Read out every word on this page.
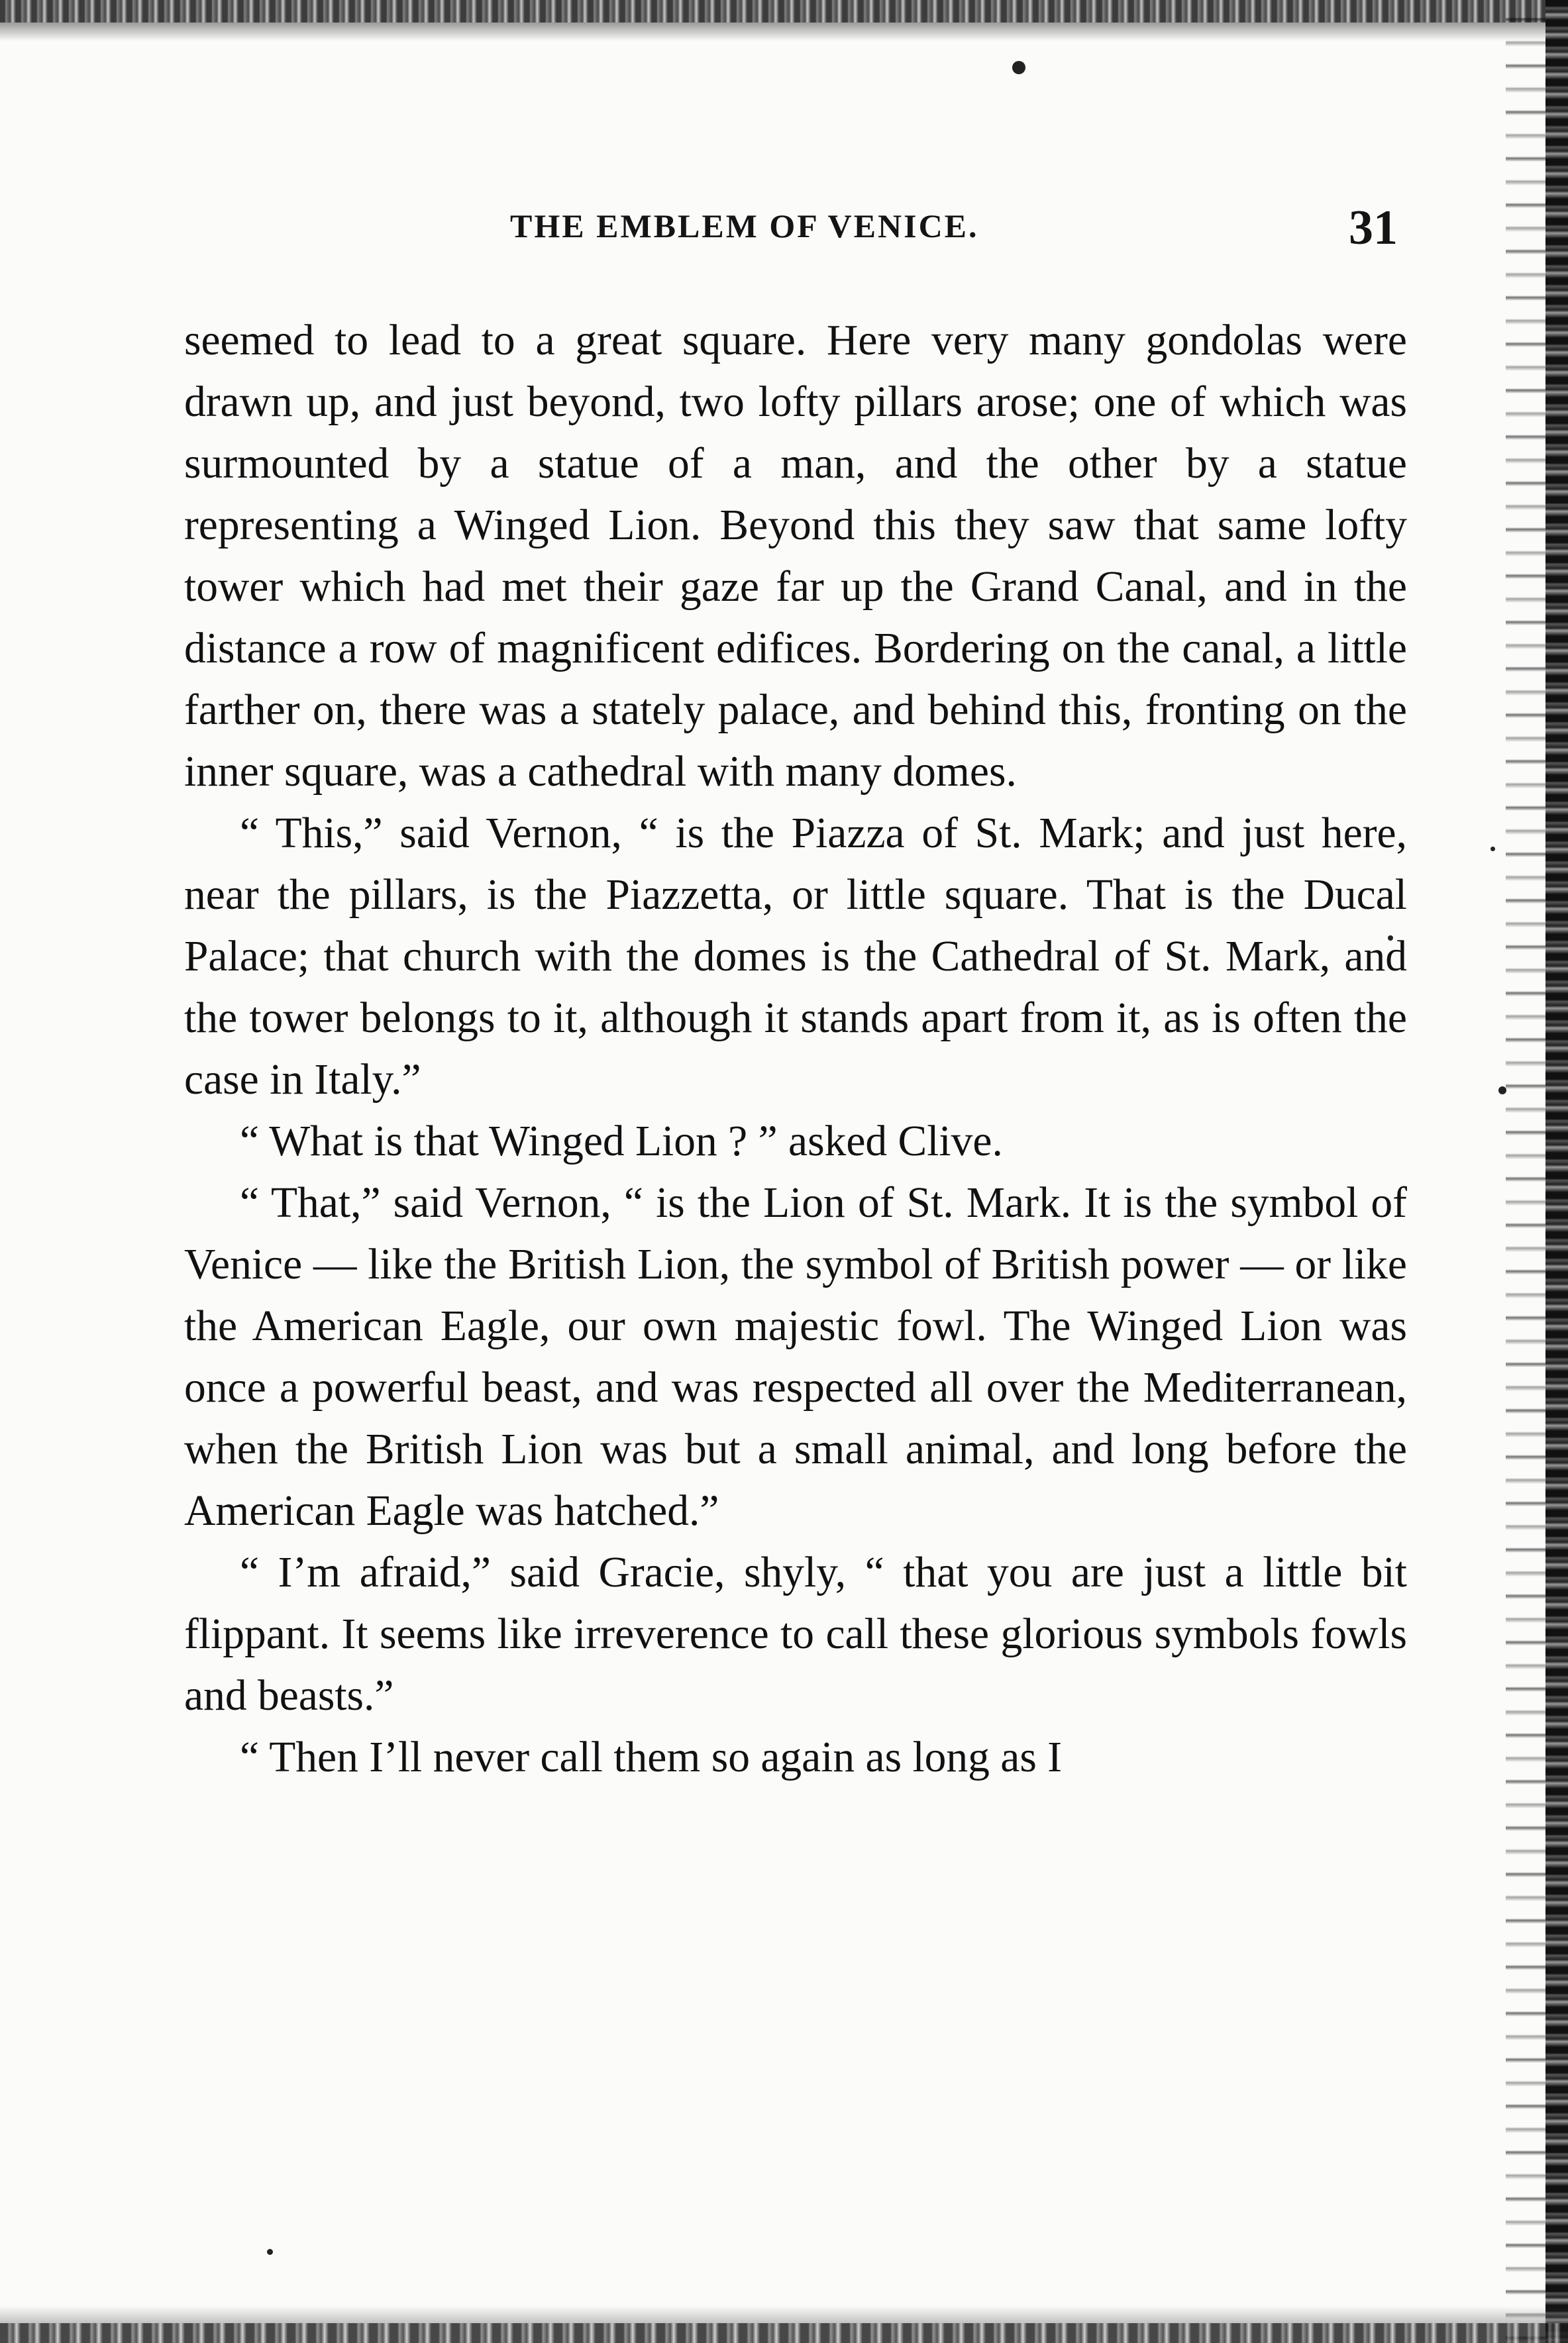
THE EMBLEM OF VENICE.	31

seemed to lead to a great square. Here very many gondolas were drawn up, and just beyond, two lofty pillars arose; one of which was surmounted by a statue of a man, and the other by a statue representing a Winged Lion. Beyond this they saw that same lofty tower which had met their gaze far up the Grand Canal, and in the distance a row of magnificent edifices. Bordering on the canal, a little farther on, there was a stately palace, and behind this, fronting on the inner square, was a cathedral with many domes.

“ This,” said Vernon, “ is the Piazza of St. Mark; and just here, near the pillars, is the Piazzetta, or little square. That is the Ducal Palace; that church with the domes is the Cathedral of St. Mark, and the tower belongs to it, although it stands apart from it, as is often the case in Italy.”

“ What is that Winged Lion ? ” asked Clive.

“ That,” said Vernon, “ is the Lion of St. Mark. It is the symbol of Venice — like the British Lion, the symbol of British power — or like the American Eagle, our own majestic fowl. The Winged Lion was once a powerful beast, and was respected all over the Mediterranean, when the British Lion was but a small animal, and long before the American Eagle was hatched.”

“ I’m afraid,” said Gracie, shyly, “ that you are just a little bit flippant. It seems like irreverence to call these glorious symbols fowls and beasts.”

“ Then I’ll never call them so again as long as I
